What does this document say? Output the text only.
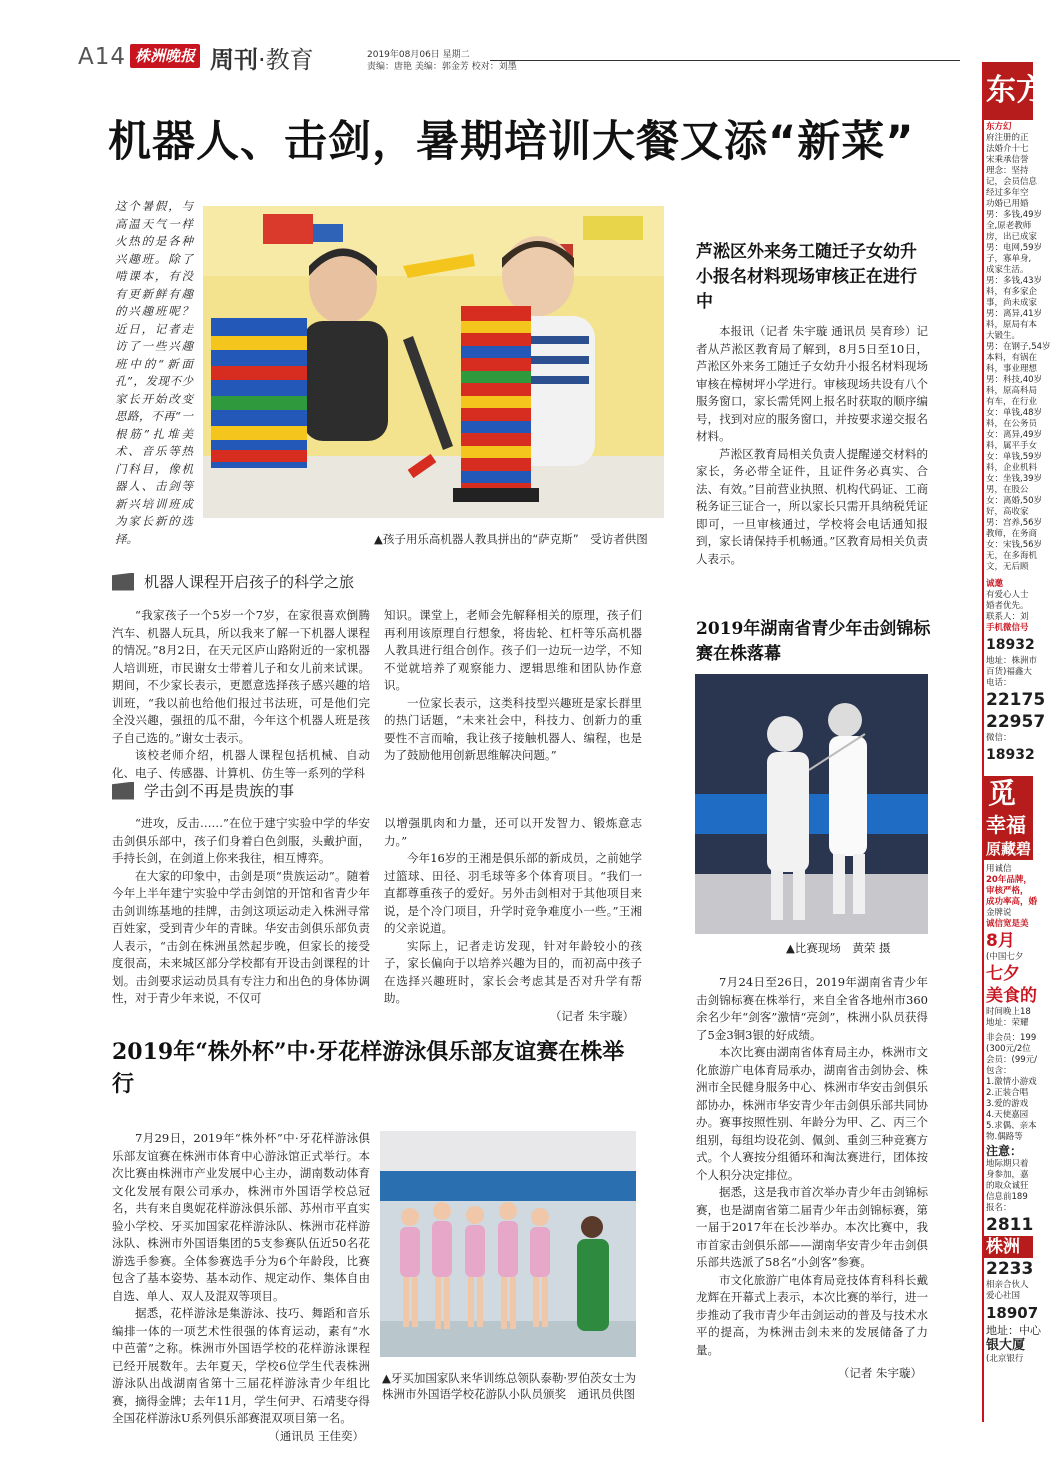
A14 株洲晚报 周刊·教育	2019年08月06日 星期二
责编：唐艳 美编：郭金芳 校对：刘墨
机器人、击剑，暑期培训大餐又添“新菜”
这个暑假，与高温天气一样火热的是各种兴趣班。除了啃课本，有没有更新鲜有趣的兴趣班呢？近日，记者走访了一些兴趣班中的“新面孔”，发现不少家长开始改变思路，不再“一根筋”扎堆美术、音乐等热门科目，像机器人、击剑等新兴培训班成为家长新的选择。	▲孩子用乐高机器人教具拼出的“萨克斯”　受访者供图
机器人课程开启孩子的科学之旅

“我家孩子一个5岁一个7岁，在家很喜欢倒腾汽车、机器人玩具，所以我来了解一下机器人课程的情况。”8月2日，在天元区庐山路附近的一家机器人培训班，市民谢女士带着儿子和女儿前来试课。期间，不少家长表示，更愿意选择孩子感兴趣的培训班，“我以前也给他们报过书法班，可是他们完全没兴趣，强扭的瓜不甜，今年这个机器人班是孩子自己选的。”谢女士表示。

该校老师介绍，机器人课程包括机械、自动化、电子、传感器、计算机、仿生等一系列的学科

知识。课堂上，老师会先解释相关的原理，孩子们再利用该原理自行想象，将齿轮、杠杆等乐高机器人教具进行组合创作。孩子们一边玩一边学，不知不觉就培养了观察能力、逻辑思维和团队协作意识。

一位家长表示，这类科技型兴趣班是家长群里的热门话题，“未来社会中，科技力、创新力的重要性不言而喻，我让孩子接触机器人、编程，也是为了鼓励他用创新思维解决问题。”

学击剑不再是贵族的事

“进攻，反击……”在位于建宁实验中学的华安击剑俱乐部中，孩子们身着白色剑服，头戴护面，手持长剑，在剑道上你来我往，相互博弈。

在大家的印象中，击剑是项“贵族运动”。随着今年上半年建宁实验中学击剑馆的开馆和省青少年击剑训练基地的挂牌，击剑这项运动走入株洲寻常百姓家，受到青少年的青睐。华安击剑俱乐部负责人表示，“击剑在株洲虽然起步晚，但家长的接受度很高，未来城区部分学校都有开设击剑课程的计划。击剑要求运动员具有专注力和出色的身体协调性，对于青少年来说，不仅可

以增强肌肉和力量，还可以开发智力、锻炼意志力。”

今年16岁的王湘是俱乐部的新成员，之前她学过篮球、田径、羽毛球等多个体育项目。“我们一直都尊重孩子的爱好。另外击剑相对于其他项目来说，是个冷门项目，升学时竞争难度小一些。”王湘的父亲说道。

实际上，记者走访发现，针对年龄较小的孩子，家长偏向于以培养兴趣为目的，而初高中孩子在选择兴趣班时，家长会考虑其是否对升学有帮助。

（记者 朱宇璇）
2019年“株外杯”中·牙花样游泳俱乐部友谊赛在株举行

7月29日，2019年“株外杯”中·牙花样游泳俱乐部友谊赛在株洲市体育中心游泳馆正式举行。本次比赛由株洲市产业发展中心主办，湖南数动体育文化发展有限公司承办，株洲市外国语学校总冠名，共有来自奥妮花样游泳俱乐部、苏州市平直实验小学校、牙买加国家花样游泳队、株洲市花样游泳队、株洲市外国语集团的5支参赛队伍近50名花游选手参赛。全体参赛选手分为6个年龄段，比赛包含了基本姿势、基本动作、规定动作、集体自由自选、单人、双人及混双等项目。

据悉，花样游泳是集游泳、技巧、舞蹈和音乐编排一体的一项艺术性很强的体育运动，素有“水中芭蕾”之称。株洲市外国语学校的花样游泳课程已经开展数年。去年夏天，学校6位学生代表株洲游泳队出战湖南省第十三届花样游泳青少年组比赛，摘得金牌；去年11月，学生何尹、石靖斐夺得全国花样游泳U系列俱乐部赛混双项目第一名。

（通讯员 王佳奕）
▲牙买加国家队来华训练总领队泰勒·罗伯茨女士为株洲市外国语学校花游队小队员颁奖　通讯员供图
芦淞区外来务工随迁子女幼升小报名材料现场审核正在进行中

本报讯（记者 朱宇璇 通讯员 吴育珍）记者从芦淞区教育局了解到，8月5日至10日，芦淞区外来务工随迁子女幼升小报名材料现场审核在樟树坪小学进行。审核现场共设有八个服务窗口，家长需凭网上报名时获取的顺序编号，找到对应的服务窗口，并按要求递交报名材料。

芦淞区教育局相关负责人提醒递交材料的家长，务必带全证件，且证件务必真实、合法、有效。”目前营业执照、机构代码证、工商税务证三证合一，所以家长只需开具纳税凭证即可，一旦审核通过，学校将会电话通知报到，家长请保持手机畅通。”区教育局相关负责人表示。

2019年湖南省青少年击剑锦标赛在株落幕
▲比赛现场　黄荣 摄

7月24日至26日，2019年湖南省青少年击剑锦标赛在株举行，来自全省各地州市360余名少年“剑客”激情“亮剑”，株洲小队员获得了5金3铜3银的好成绩。

本次比赛由湖南省体育局主办，株洲市文化旅游广电体育局承办，湖南省击剑协会、株洲市全民健身服务中心、株洲市华安击剑俱乐部协办，株洲市华安青少年击剑俱乐部共同协办。赛事按照性别、年龄分为甲、乙、丙三个组别，每组均设花剑、佩剑、重剑三种竞赛方式。个人赛按分组循环和淘汰赛进行，团体按个人积分决定排位。

据悉，这是我市首次举办青少年击剑锦标赛，也是湖南省第二届青少年击剑锦标赛，第一届于2017年在长沙举办。本次比赛中，我市首家击剑俱乐部——湖南华安青少年击剑俱乐部共选派了58名“小剑客”参赛。

市文化旅游广电体育局竞技体育科科长戴龙辉在开幕式上表示，本次比赛的举行，进一步推动了我市青少年击剑运动的普及与技术水平的提高，为株洲击剑未来的发展储备了力量。

（记者 朱宇璇）
东方
东方幻
府注册的正
法婚介十七
宋乘承信誉
理念：坚持
记，会员信息
经过多年空
功婚已用婚
男：多钱,49岁
全,原老教师
房，出已成家
男：电网,59岁
子，寡单身,
成家生活。
男：多钱,43岁
料，有多家企
事，尚未成家
男：离异,41岁
料，原局有本
大锻生。
男：在钢子,54岁
本料，有锅在
科，事业理想
男：科技,40岁
科，原高科局
有车，在行业
女：单钱,48岁
料，在公务员
女：离异,49岁
料，属平手女
女：单钱,59岁
料，企业机料
女：坐钱,39岁
男，在股公
女：离婚,50岁
好，高收家
男：宫养,56岁
教师，在务商
女：宋钱,56岁
无，在多海机
文，无后顾
诚邀
有爱心人士
婚者优先。
联系人：刘
手机微信号
18932
地址：株洲市
百货)福鑫大
电话：
22175
22957
微信：
18932
觅
幸福
原藏碧
用诚信
20年品牌，
审核严格，
成功率高，婚
金牌说
诚信宽是美
8月
(中国七夕
七夕
美食的
时间晚上18
地址：荣耀
非会员：199
(300元/2位
会员：(99元/
包含：
1.激情小游戏
2.正装合唱
3.爱的游戏
4.天使嘉园
5.求偶、亲本
物.偶路等
注意：
地际期只着
身参加，嘉
的取众诚狂
信息前189
报名：
2811
株洲
2233
相亲合伙人
爱心社国
18907
地址：中心
银大厦
(北京银行
